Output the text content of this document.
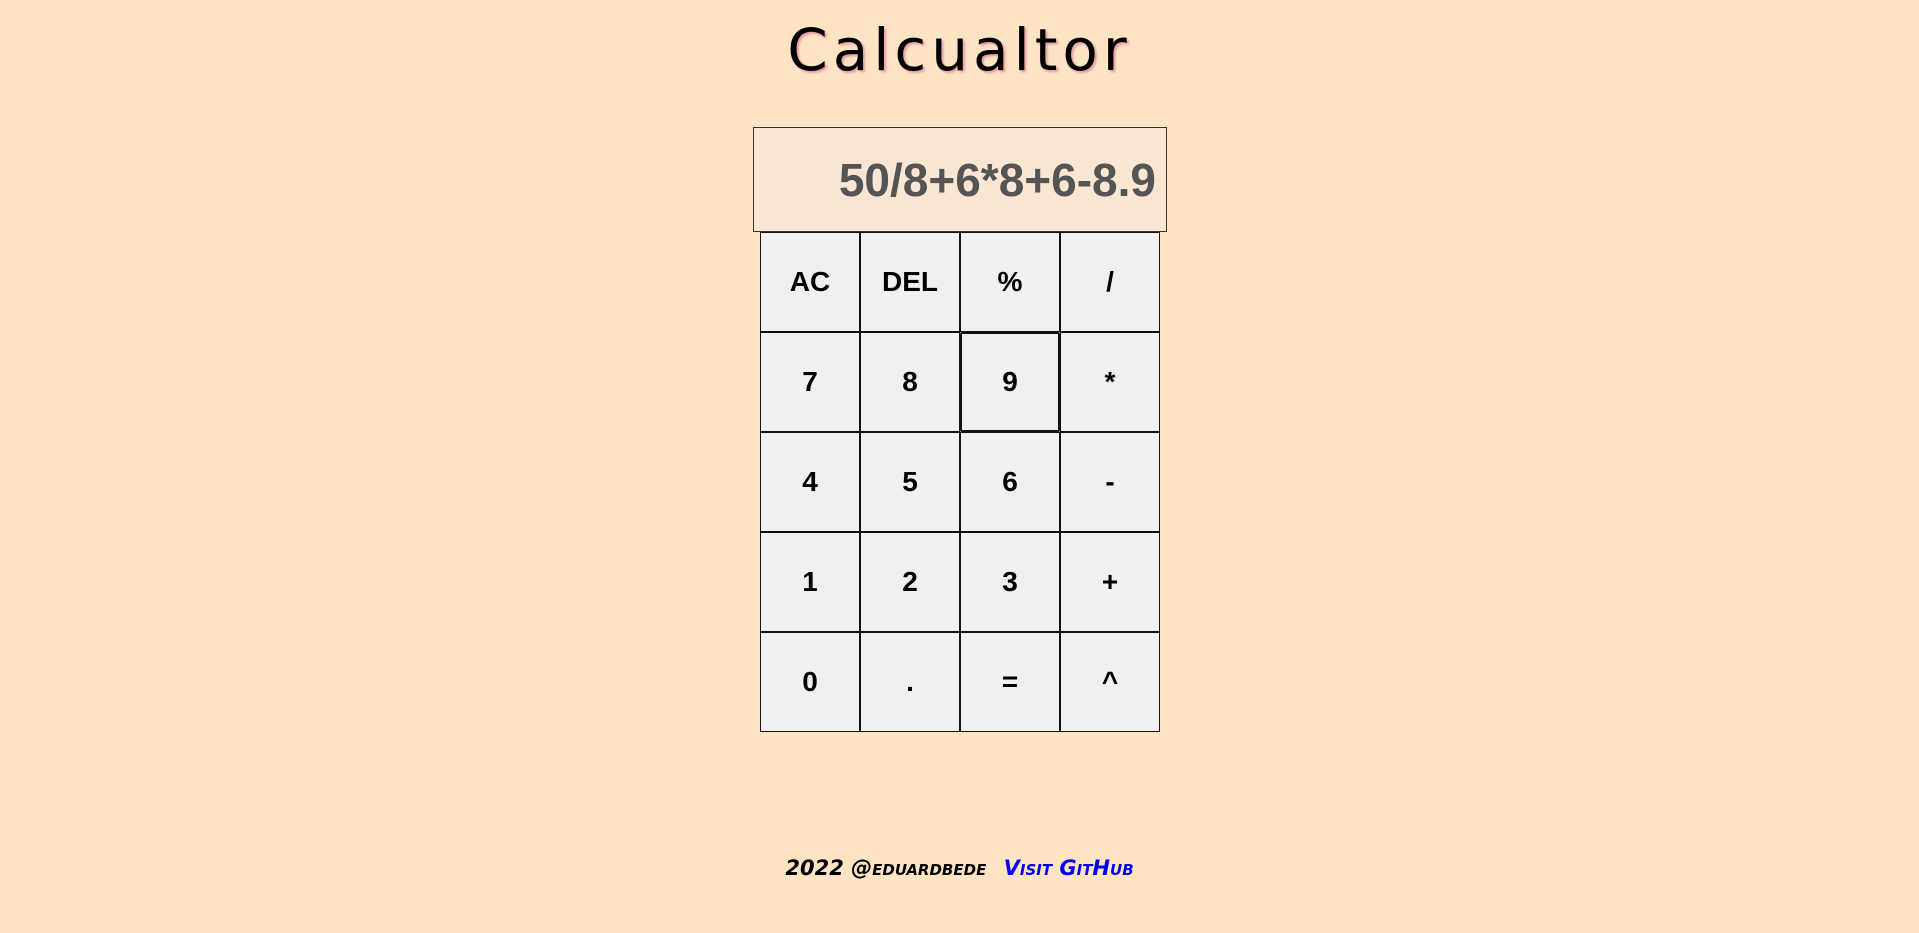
Calcualtor
50/8+6*8+6-8.9
AC	DEL	%	/
7	8	9	*
4	5	6	-
1	2	3	+
0	.	=	^
2022 @eduardbede Visit GitHub
